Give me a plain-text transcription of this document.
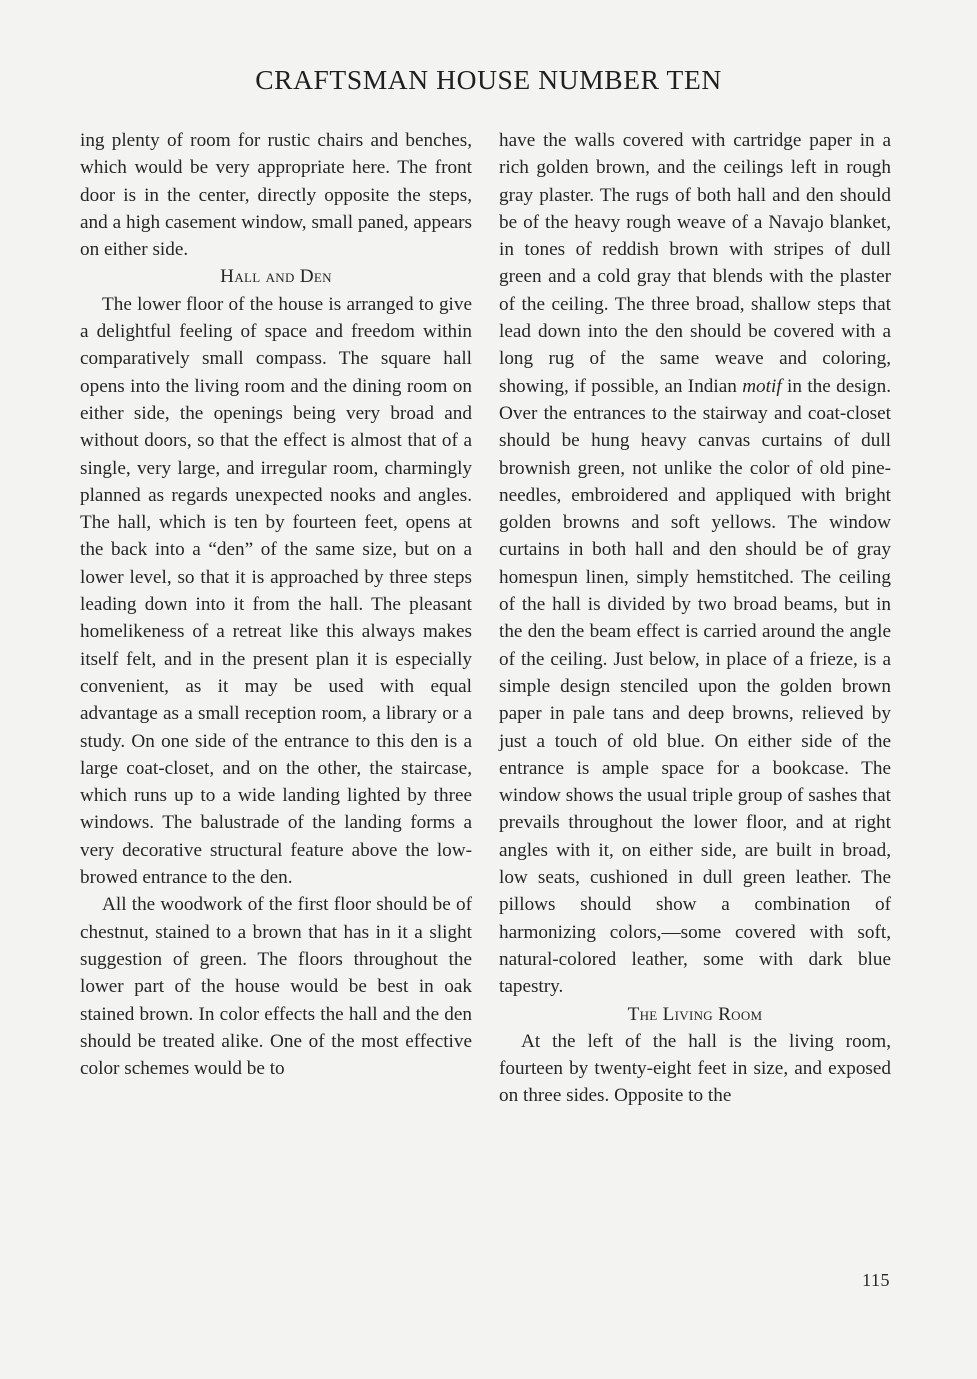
CRAFTSMAN HOUSE NUMBER TEN

ing plenty of room for rustic chairs and benches, which would be very appropriate here. The front door is in the center, directly opposite the steps, and a high casement window, small paned, appears on either side.

Hall and Den

The lower floor of the house is arranged to give a delightful feeling of space and freedom within comparatively small compass. The square hall opens into the living room and the dining room on either side, the openings being very broad and without doors, so that the effect is almost that of a single, very large, and irregular room, charmingly planned as regards unexpected nooks and angles. The hall, which is ten by fourteen feet, opens at the back into a “den” of the same size, but on a lower level, so that it is approached by three steps leading down into it from the hall. The pleasant homelikeness of a retreat like this always makes itself felt, and in the present plan it is especially convenient, as it may be used with equal advantage as a small reception room, a library or a study. On one side of the entrance to this den is a large coat-closet, and on the other, the staircase, which runs up to a wide landing lighted by three windows. The balustrade of the landing forms a very decorative structural feature above the low-browed entrance to the den.

All the woodwork of the first floor should be of chestnut, stained to a brown that has in it a slight suggestion of green. The floors throughout the lower part of the house would be best in oak stained brown. In color effects the hall and the den should be treated alike. One of the most effective color schemes would be to

have the walls covered with cartridge paper in a rich golden brown, and the ceilings left in rough gray plaster. The rugs of both hall and den should be of the heavy rough weave of a Navajo blanket, in tones of reddish brown with stripes of dull green and a cold gray that blends with the plaster of the ceiling. The three broad, shallow steps that lead down into the den should be covered with a long rug of the same weave and coloring, showing, if possible, an Indian motif in the design. Over the entrances to the stairway and coat-closet should be hung heavy canvas curtains of dull brownish green, not unlike the color of old pine-needles, embroidered and appliqued with bright golden browns and soft yellows. The window curtains in both hall and den should be of gray homespun linen, simply hemstitched. The ceiling of the hall is divided by two broad beams, but in the den the beam effect is carried around the angle of the ceiling. Just below, in place of a frieze, is a simple design stenciled upon the golden brown paper in pale tans and deep browns, relieved by just a touch of old blue. On either side of the entrance is ample space for a bookcase. The window shows the usual triple group of sashes that prevails throughout the lower floor, and at right angles with it, on either side, are built in broad, low seats, cushioned in dull green leather. The pillows should show a combination of harmonizing colors,—some covered with soft, natural-colored leather, some with dark blue tapestry.

The Living Room

At the left of the hall is the living room, fourteen by twenty-eight feet in size, and exposed on three sides. Opposite to the

115
